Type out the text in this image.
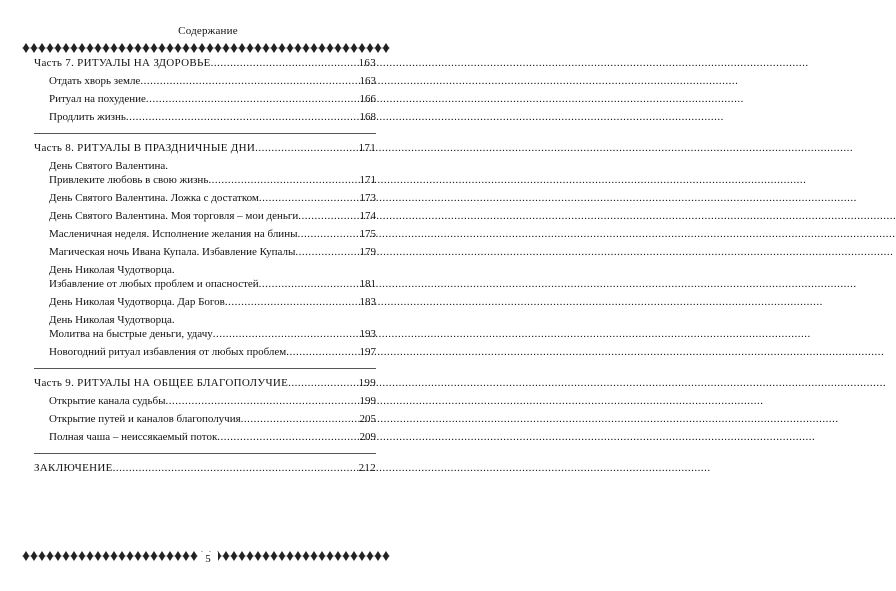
Содержание
Часть 7. РИТУАЛЫ НА ЗДОРОВЬЕ .....	163
Отдать хворь земле .....	163
Ритуал на похудение .....	166
Продлить жизнь .....	168
Часть 8. РИТУАЛЫ В ПРАЗДНИЧНЫЕ ДНИ .....	171
День Святого Валентина.
Привлеките любовь в свою жизнь .....	171
День Святого Валентина. Ложка с достатком .....	173
День Святого Валентина. Моя торговля – мои деньги .....	174
Масленичная неделя. Исполнение желания на блины .....	175
Магическая ночь Ивана Купала. Избавление Купалы .....	179
День Николая Чудотворца.
Избавление от любых проблем и опасностей .....	181
День Николая Чудотворца. Дар Богов .....	183
День Николая Чудотворца.
Молитва на быстрые деньги, удачу .....	193
Новогодний ритуал избавления от любых проблем .....	197
Часть 9. РИТУАЛЫ НА ОБЩЕЕ БЛАГОПОЛУЧИЕ .....	199
Открытие канала судьбы .....	199
Открытие путей и каналов благополучия .....	205
Полная чаша – неиссякаемый поток .....	209
ЗАКЛЮЧЕНИЕ .....	212
5
